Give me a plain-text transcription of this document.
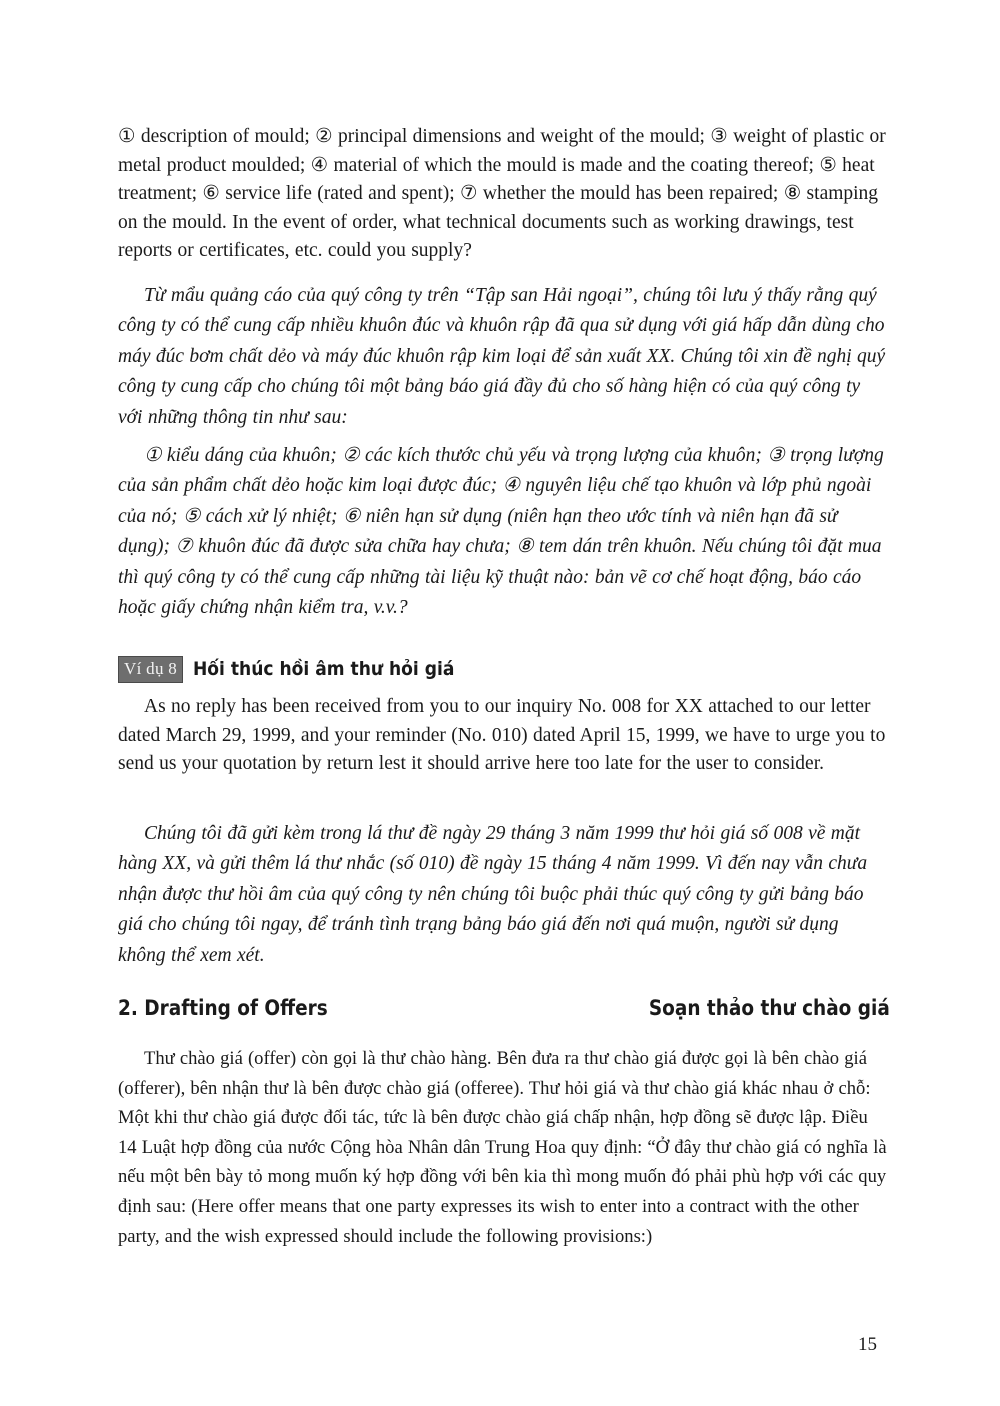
① description of mould; ② principal dimensions and weight of the mould; ③ weight of plastic or metal product moulded; ④ material of which the mould is made and the coating thereof; ⑤ heat treatment; ⑥ service life (rated and spent); ⑦ whether the mould has been repaired; ⑧ stamping on the mould. In the event of order, what technical documents such as working drawings, test reports or certificates, etc. could you supply?

Từ mẩu quảng cáo của quý công ty trên “Tập san Hải ngoại”, chúng tôi lưu ý thấy rằng quý công ty có thể cung cấp nhiều khuôn đúc và khuôn rập đã qua sử dụng với giá hấp dẫn dùng cho máy đúc bơm chất dẻo và máy đúc khuôn rập kim loại để sản xuất XX. Chúng tôi xin đề nghị quý công ty cung cấp cho chúng tôi một bảng báo giá đầy đủ cho số hàng hiện có của quý công ty với những thông tin như sau:

① kiểu dáng của khuôn; ② các kích thước chủ yếu và trọng lượng của khuôn; ③ trọng lượng của sản phẩm chất dẻo hoặc kim loại được đúc; ④ nguyên liệu chế tạo khuôn và lớp phủ ngoài của nó; ⑤ cách xử lý nhiệt; ⑥ niên hạn sử dụng (niên hạn theo ước tính và niên hạn đã sử dụng); ⑦ khuôn đúc đã được sửa chữa hay chưa; ⑧ tem dán trên khuôn. Nếu chúng tôi đặt mua thì quý công ty có thể cung cấp những tài liệu kỹ thuật nào: bản vẽ cơ chế hoạt động, báo cáo hoặc giấy chứng nhận kiểm tra, v.v.?

Ví dụ 8 Hối thúc hồi âm thư hỏi giá

As no reply has been received from you to our inquiry No. 008 for XX attached to our letter dated March 29, 1999, and your reminder (No. 010) dated April 15, 1999, we have to urge you to send us your quotation by return lest it should arrive here too late for the user to consider.

Chúng tôi đã gửi kèm trong lá thư đề ngày 29 tháng 3 năm 1999 thư hỏi giá số 008 về mặt hàng XX, và gửi thêm lá thư nhắc (số 010) đề ngày 15 tháng 4 năm 1999. Vì đến nay vẫn chưa nhận được thư hồi âm của quý công ty nên chúng tôi buộc phải thúc quý công ty gửi bảng báo giá cho chúng tôi ngay, để tránh tình trạng bảng báo giá đến nơi quá muộn, người sử dụng không thể xem xét.

2. Drafting of Offers	Soạn thảo thư chào giá

Thư chào giá (offer) còn gọi là thư chào hàng. Bên đưa ra thư chào giá được gọi là bên chào giá (offerer), bên nhận thư là bên được chào giá (offeree). Thư hỏi giá và thư chào giá khác nhau ở chỗ: Một khi thư chào giá được đối tác, tức là bên được chào giá chấp nhận, hợp đồng sẽ được lập. Điều 14 Luật hợp đồng của nước Cộng hòa Nhân dân Trung Hoa quy định: “Ở đây thư chào giá có nghĩa là nếu một bên bày tỏ mong muốn ký hợp đồng với bên kia thì mong muốn đó phải phù hợp với các quy định sau: (Here offer means that one party expresses its wish to enter into a contract with the other party, and the wish expressed should include the following provisions:)

15
